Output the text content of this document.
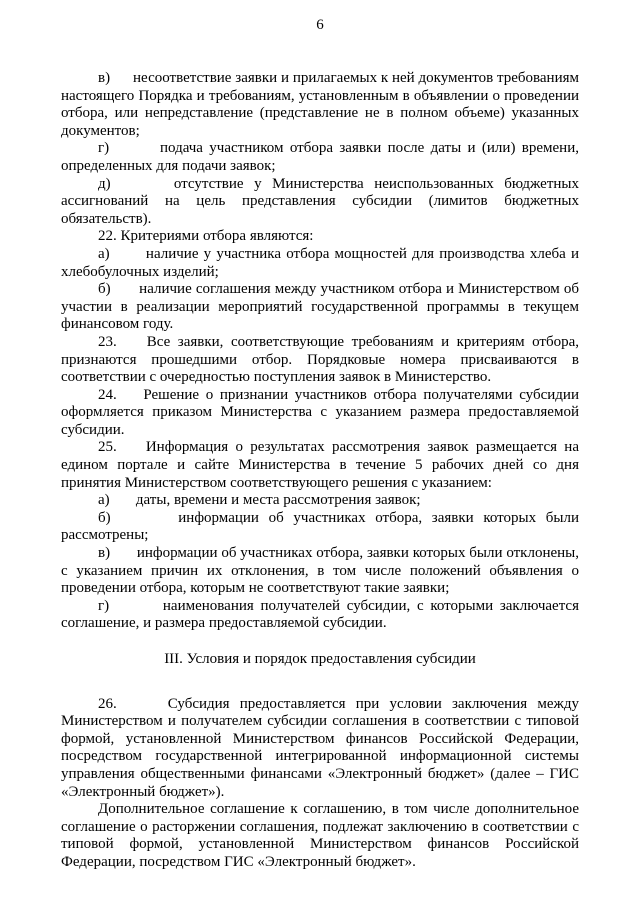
6

в)      несоответствие заявки и прилагаемых к ней документов требованиям настоящего Порядка и требованиям, установленным в объявлении о проведении отбора, или непредставление (представление не в полном объеме) указанных документов;

г)        подача участником отбора заявки после даты и (или) времени, определенных для подачи заявок;

д)      отсутствие у Министерства неиспользованных бюджетных ассигнований на цель представления субсидии (лимитов бюджетных обязательств).

22. Критериями отбора являются:

а)       наличие у участника отбора мощностей для производства хлеба и хлебобулочных изделий;

б)       наличие соглашения между участником отбора и Министерством об участии в реализации мероприятий государственной программы в текущем финансовом году.

23.    Все заявки, соответствующие требованиям и критериям отбора, признаются прошедшими отбор. Порядковые номера присваиваются в соответствии с очередностью поступления заявок в Министерство.

24.    Решение о признании участников отбора получателями субсидии оформляется приказом Министерства с указанием размера предоставляемой субсидии.

25.    Информация о результатах рассмотрения заявок размещается на едином портале и сайте Министерства в течение 5 рабочих дней со дня принятия Министерством соответствующего решения с указанием:

а)       даты, времени и места рассмотрения заявок;

б)       информации об участниках отбора, заявки которых были рассмотрены;

в)       информации об участниках отбора, заявки которых были отклонены, с указанием причин их отклонения, в том числе положений объявления о проведении отбора, которым не соответствуют такие заявки;

г)        наименования получателей субсидии, с которыми заключается соглашение, и размера предоставляемой субсидии.

III. Условия и порядок предоставления субсидии

26.     Субсидия предоставляется при условии заключения между Министерством и получателем субсидии соглашения в соответствии с типовой формой, установленной Министерством финансов Российской Федерации, посредством государственной интегрированной информационной системы управления общественными финансами «Электронный бюджет» (далее – ГИС «Электронный бюджет»).

Дополнительное соглашение к соглашению, в том числе дополнительное соглашение о расторжении соглашения, подлежат заключению в соответствии с типовой формой, установленной Министерством финансов Российской Федерации, посредством ГИС «Электронный бюджет».
